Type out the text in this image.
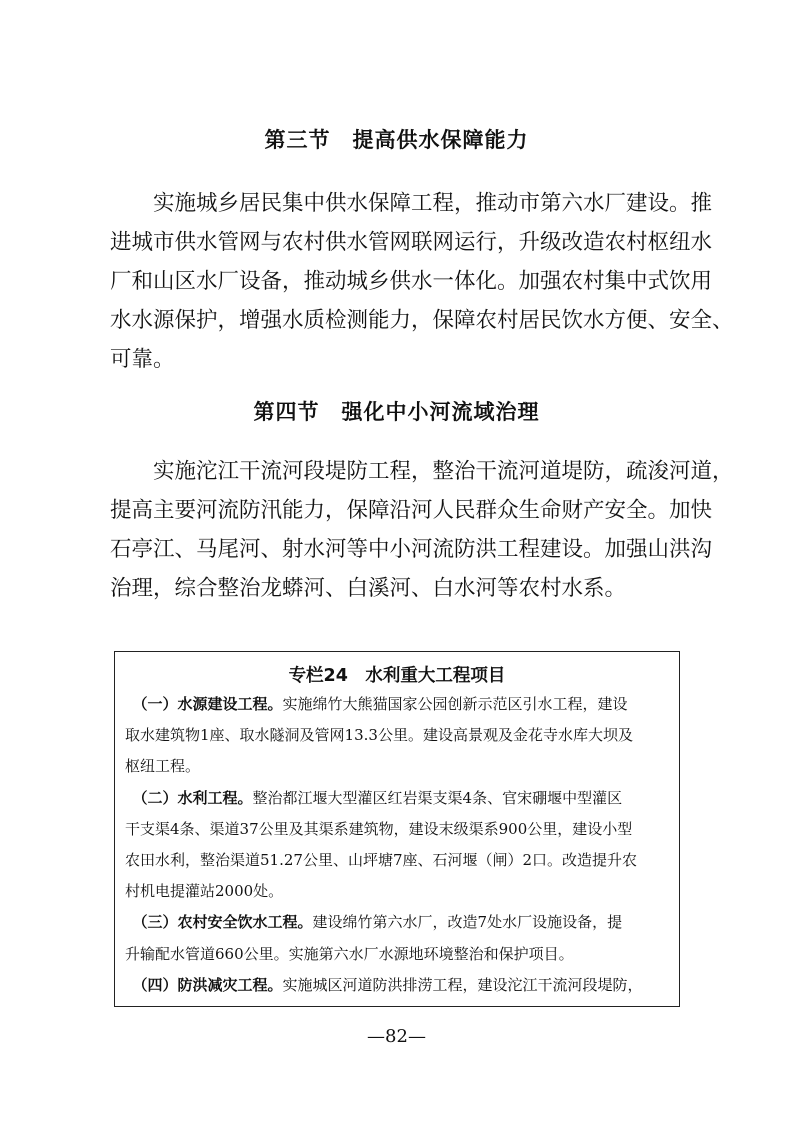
第三节　提高供水保障能力
　　实施城乡居民集中供水保障工程，推动市第六水厂建设。推
进城市供水管网与农村供水管网联网运行，升级改造农村枢纽水
厂和山区水厂设备，推动城乡供水一体化。加强农村集中式饮用
水水源保护，增强水质检测能力，保障农村居民饮水方便、安全、
可靠。
第四节　强化中小河流域治理
　　实施沱江干流河段堤防工程，整治干流河道堤防，疏浚河道，
提高主要河流防汛能力，保障沿河人民群众生命财产安全。加快
石亭江、马尾河、射水河等中小河流防洪工程建设。加强山洪沟
治理，综合整治龙蟒河、白溪河、白水河等农村水系。
专栏24　水利重大工程项目
　（一）水源建设工程。实施绵竹大熊猫国家公园创新示范区引水工程，建设
取水建筑物1座、取水隧洞及管网13.3公里。建设高景观及金花寺水库大坝及
枢纽工程。
　（二）水利工程。整治都江堰大型灌区红岩渠支渠4条、官宋硼堰中型灌区
干支渠4条、渠道37公里及其渠系建筑物，建设末级渠系900公里，建设小型
农田水利，整治渠道51.27公里、山坪塘7座、石河堰（闸）2口。改造提升农
村机电提灌站2000处。
　（三）农村安全饮水工程。建设绵竹第六水厂，改造7处水厂设施设备，提
升输配水管道660公里。实施第六水厂水源地环境整治和保护项目。
　（四）防洪减灾工程。实施城区河道防洪排涝工程，建设沱江干流河段堤防，
—82—
